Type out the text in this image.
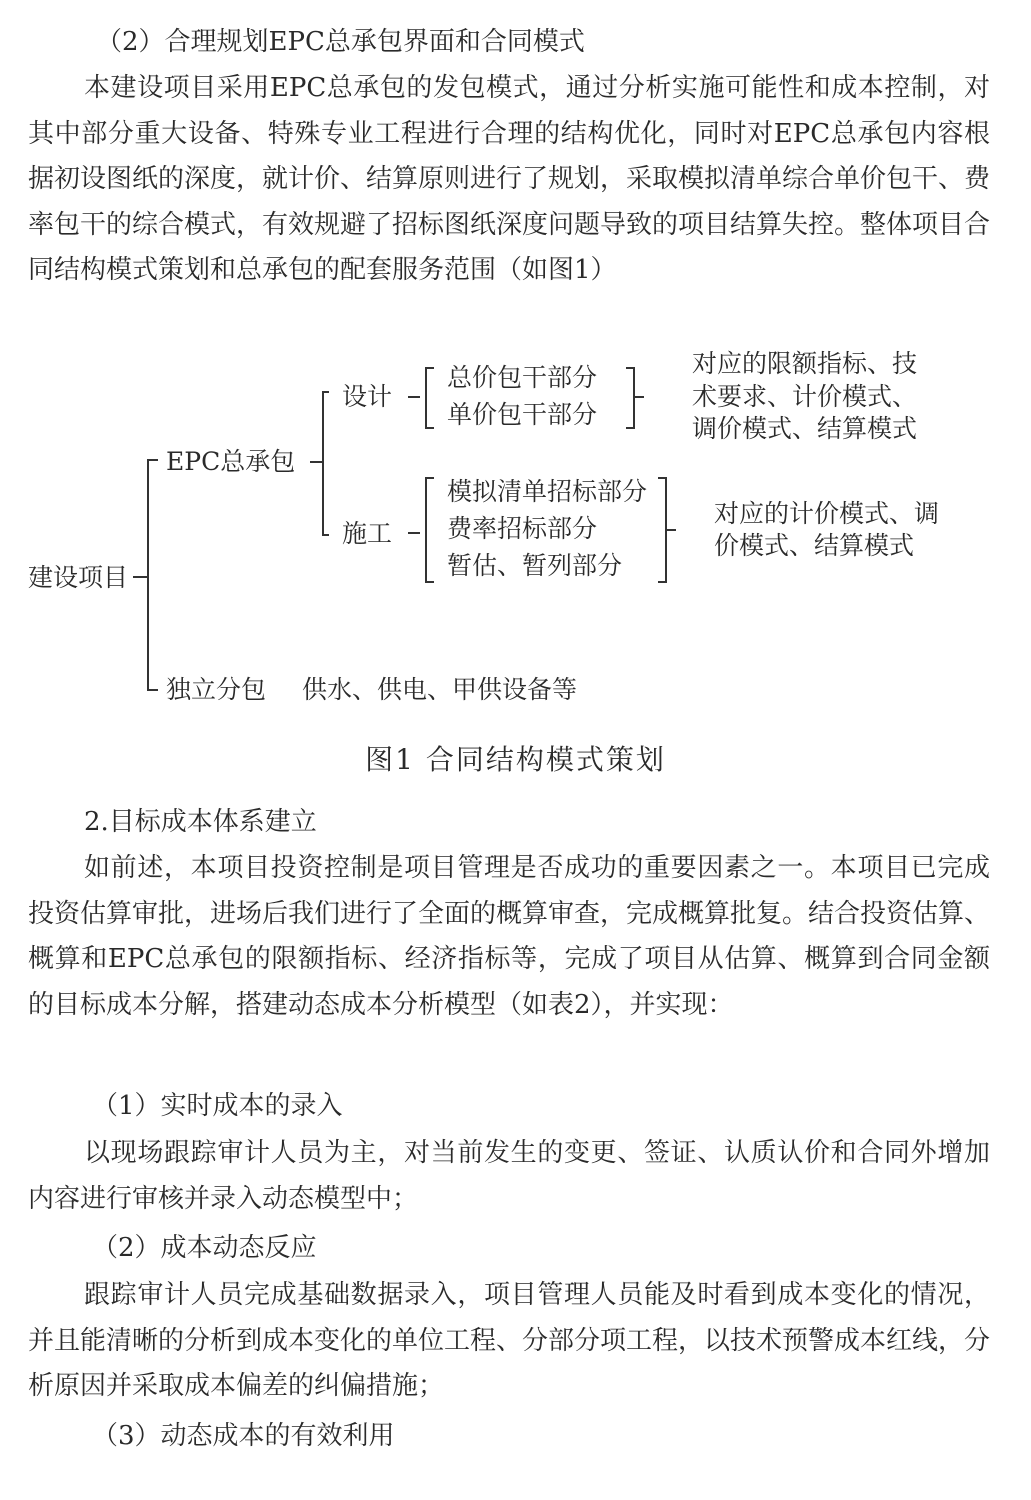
（2）合理规划EPC总承包界面和合同模式

本建设项目采用EPC总承包的发包模式，通过分析实施可能性和成本控制，对其中部分重大设备、特殊专业工程进行合理的结构优化，同时对EPC总承包内容根据初设图纸的深度，就计价、结算原则进行了规划，采取模拟清单综合单价包干、费率包干的综合模式，有效规避了招标图纸深度问题导致的项目结算失控。整体项目合同结构模式策划和总承包的配套服务范围（如图1）

建设项目

EPC总承包

设计

总价包干部分

单价包干部分

对应的限额指标、技

术要求、计价模式、

调价模式、结算模式

施工

模拟清单招标部分

费率招标部分

暂估、暂列部分

对应的计价模式、调

价模式、结算模式

独立分包 供水、供电、甲供设备等

图1 合同结构模式策划

2.目标成本体系建立

如前述，本项目投资控制是项目管理是否成功的重要因素之一。本项目已完成投资估算审批，进场后我们进行了全面的概算审查，完成概算批复。结合投资估算、概算和EPC总承包的限额指标、经济指标等，完成了项目从估算、概算到合同金额的目标成本分解，搭建动态成本分析模型（如表2），并实现：

（1）实时成本的录入

以现场跟踪审计人员为主，对当前发生的变更、签证、认质认价和合同外增加内容进行审核并录入动态模型中；

（2）成本动态反应

跟踪审计人员完成基础数据录入，项目管理人员能及时看到成本变化的情况，并且能清晰的分析到成本变化的单位工程、分部分项工程，以技术预警成本红线，分析原因并采取成本偏差的纠偏措施；

（3）动态成本的有效利用
